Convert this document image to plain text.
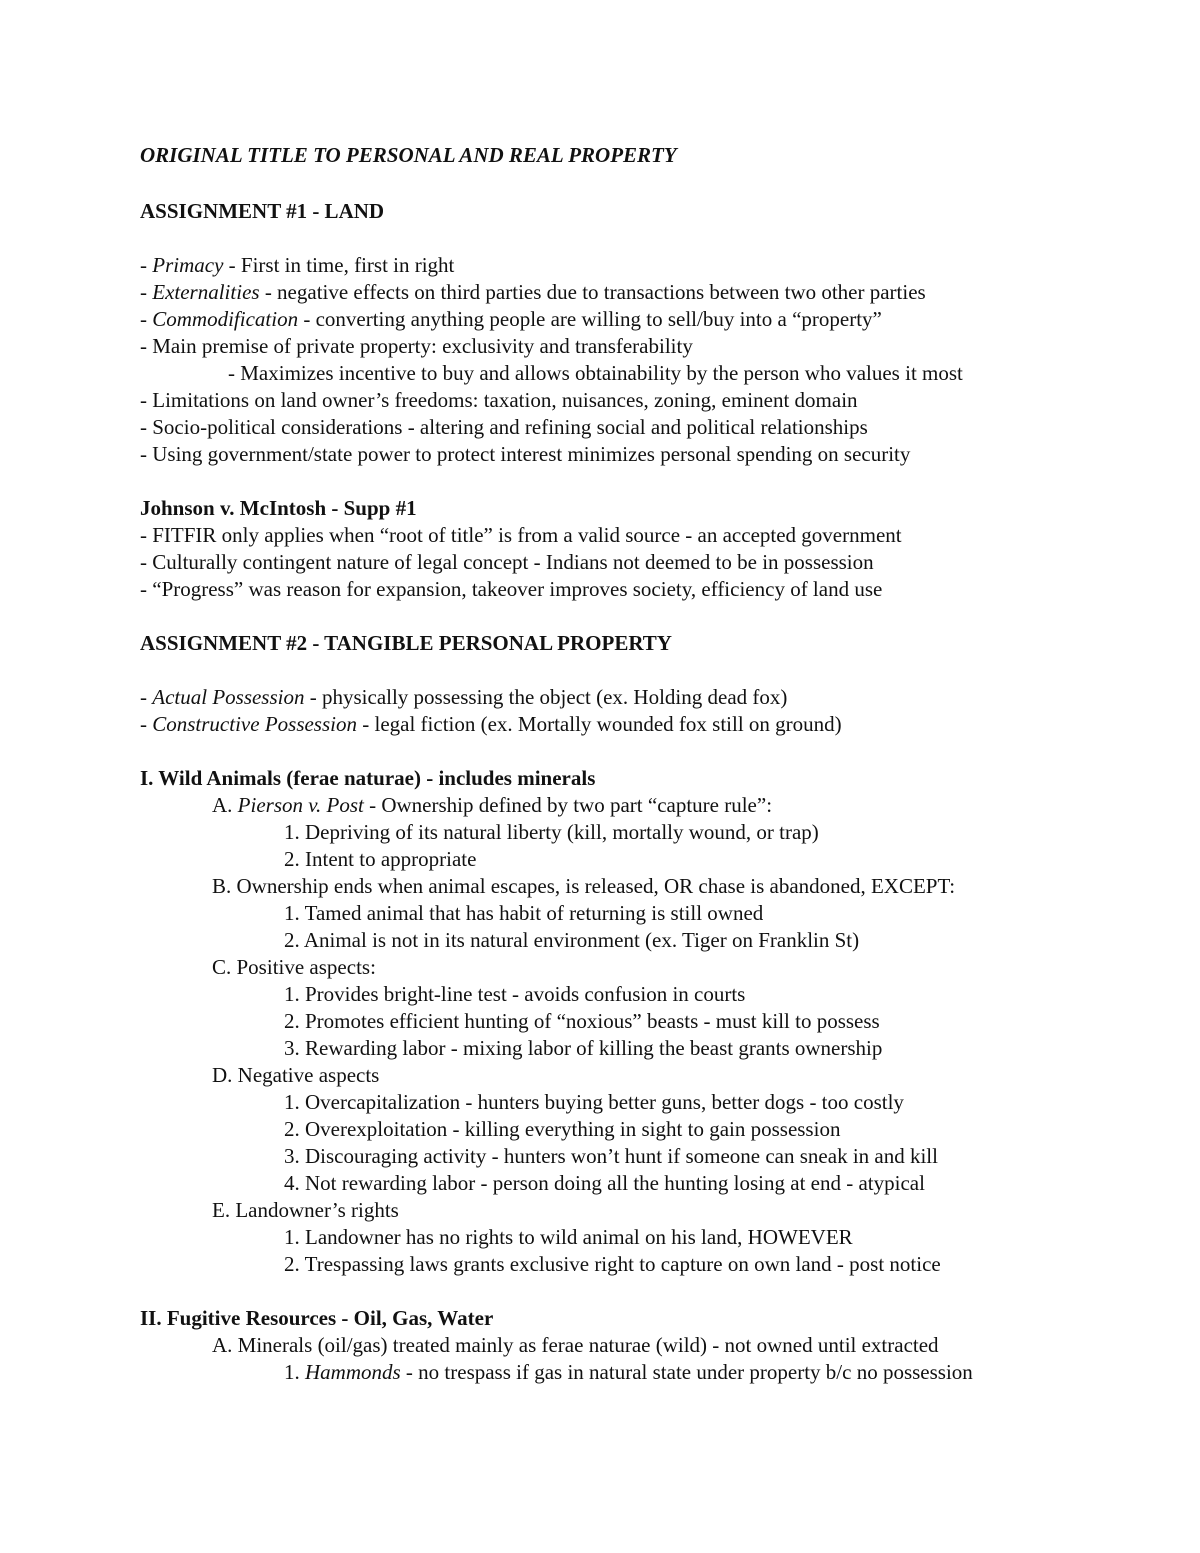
ORIGINAL TITLE TO PERSONAL AND REAL PROPERTY
ASSIGNMENT #1 - LAND
- Primacy - First in time, first in right
- Externalities - negative effects on third parties due to transactions between two other parties
- Commodification - converting anything people are willing to sell/buy into a “property”
- Main premise of private property: exclusivity and transferability
- Maximizes incentive to buy and allows obtainability by the person who values it most
- Limitations on land owner’s freedoms: taxation, nuisances, zoning, eminent domain
- Socio-political considerations - altering and refining social and political relationships
- Using government/state power to protect interest minimizes personal spending on security
Johnson v. McIntosh - Supp #1
- FITFIR only applies when “root of title” is from a valid source - an accepted government
- Culturally contingent nature of legal concept - Indians not deemed to be in possession
- “Progress” was reason for expansion, takeover improves society, efficiency of land use
ASSIGNMENT #2 - TANGIBLE PERSONAL PROPERTY
- Actual Possession - physically possessing the object (ex. Holding dead fox)
- Constructive Possession - legal fiction (ex. Mortally wounded fox still on ground)
I. Wild Animals (ferae naturae) - includes minerals
A. Pierson v. Post - Ownership defined by two part “capture rule”:
1. Depriving of its natural liberty (kill, mortally wound, or trap)
2. Intent to appropriate
B. Ownership ends when animal escapes, is released, OR chase is abandoned, EXCEPT:
1. Tamed animal that has habit of returning is still owned
2. Animal is not in its natural environment (ex. Tiger on Franklin St)
C. Positive aspects:
1. Provides bright-line test - avoids confusion in courts
2. Promotes efficient hunting of “noxious” beasts - must kill to possess
3. Rewarding labor - mixing labor of killing the beast grants ownership
D. Negative aspects
1. Overcapitalization - hunters buying better guns, better dogs - too costly
2. Overexploitation - killing everything in sight to gain possession
3. Discouraging activity - hunters won’t hunt if someone can sneak in and kill
4. Not rewarding labor - person doing all the hunting losing at end - atypical
E. Landowner’s rights
1. Landowner has no rights to wild animal on his land, HOWEVER
2. Trespassing laws grants exclusive right to capture on own land - post notice
II. Fugitive Resources - Oil, Gas, Water
A. Minerals (oil/gas) treated mainly as ferae naturae (wild) - not owned until extracted
1. Hammonds - no trespass if gas in natural state under property b/c no possession
